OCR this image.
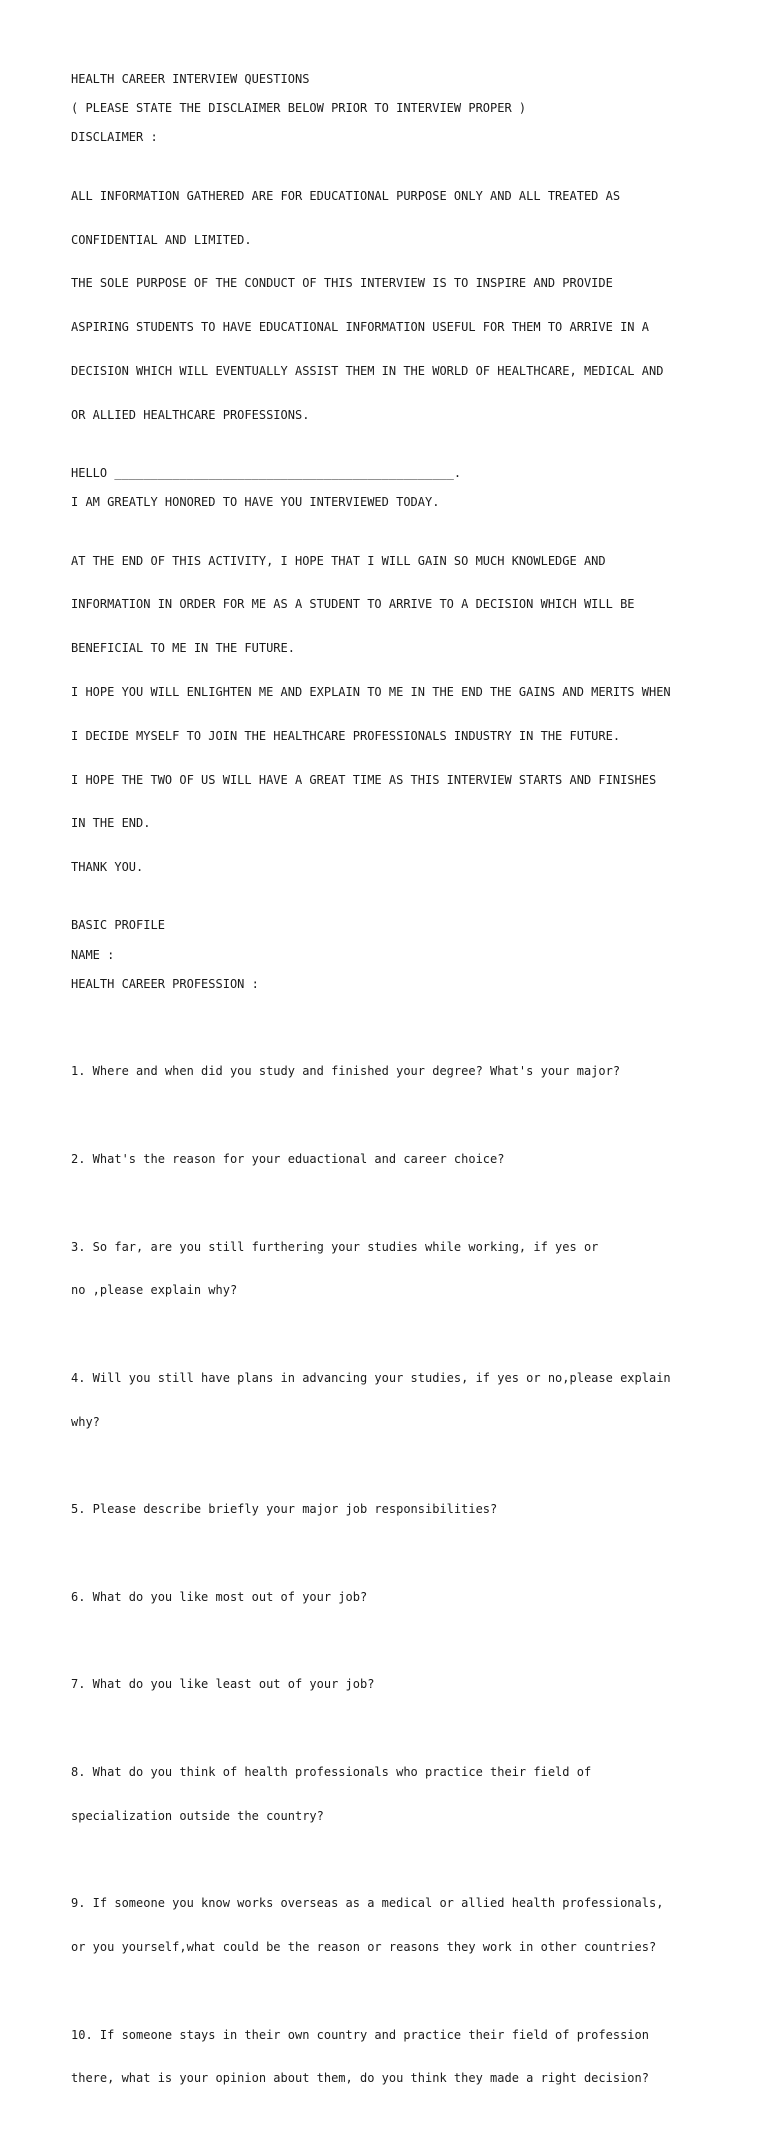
HEALTH CAREER INTERVIEW QUESTIONS

( PLEASE STATE THE DISCLAIMER BELOW PRIOR TO INTERVIEW PROPER )

DISCLAIMER :

ALL INFORMATION GATHERED ARE FOR EDUCATIONAL PURPOSE ONLY AND ALL TREATED AS

CONFIDENTIAL AND LIMITED.

THE SOLE PURPOSE OF THE CONDUCT OF THIS INTERVIEW IS TO INSPIRE AND PROVIDE

ASPIRING STUDENTS TO HAVE EDUCATIONAL INFORMATION USEFUL FOR THEM TO ARRIVE IN A

DECISION WHICH WILL EVENTUALLY ASSIST THEM IN THE WORLD OF HEALTHCARE, MEDICAL AND

OR ALLIED HEALTHCARE PROFESSIONS.

HELLO _______________________________________________.

I AM GREATLY HONORED TO HAVE YOU INTERVIEWED TODAY.

AT THE END OF THIS ACTIVITY, I HOPE THAT I WILL GAIN SO MUCH KNOWLEDGE AND

INFORMATION IN ORDER FOR ME AS A STUDENT TO ARRIVE TO A DECISION WHICH WILL BE

BENEFICIAL TO ME IN THE FUTURE.

I HOPE YOU WILL ENLIGHTEN ME AND EXPLAIN TO ME IN THE END THE GAINS AND MERITS WHEN

I DECIDE MYSELF TO JOIN THE HEALTHCARE PROFESSIONALS INDUSTRY IN THE FUTURE.

I HOPE THE TWO OF US WILL HAVE A GREAT TIME AS THIS INTERVIEW STARTS AND FINISHES

IN THE END.

THANK YOU.

BASIC PROFILE

NAME :

HEALTH CAREER PROFESSION :

1. Where and when did you study and finished your degree? What's your major?

2. What's the reason for your eduactional and career choice?

3. So far, are you still furthering your studies while working, if yes or

no ,please explain why?

4. Will you still have plans in advancing your studies, if yes or no,please explain

why?

5. Please describe briefly your major job responsibilities?

6. What do you like most out of your job?

7. What do you like least out of your job?

8. What do you think of health professionals who practice their field of

specialization outside the country?

9. If someone you know works overseas as a medical or allied health professionals,

or you yourself,what could be the reason or reasons they work in other countries?

10. If someone stays in their own country and practice their field of profession

there, what is your opinion about them, do you think they made a right decision?
